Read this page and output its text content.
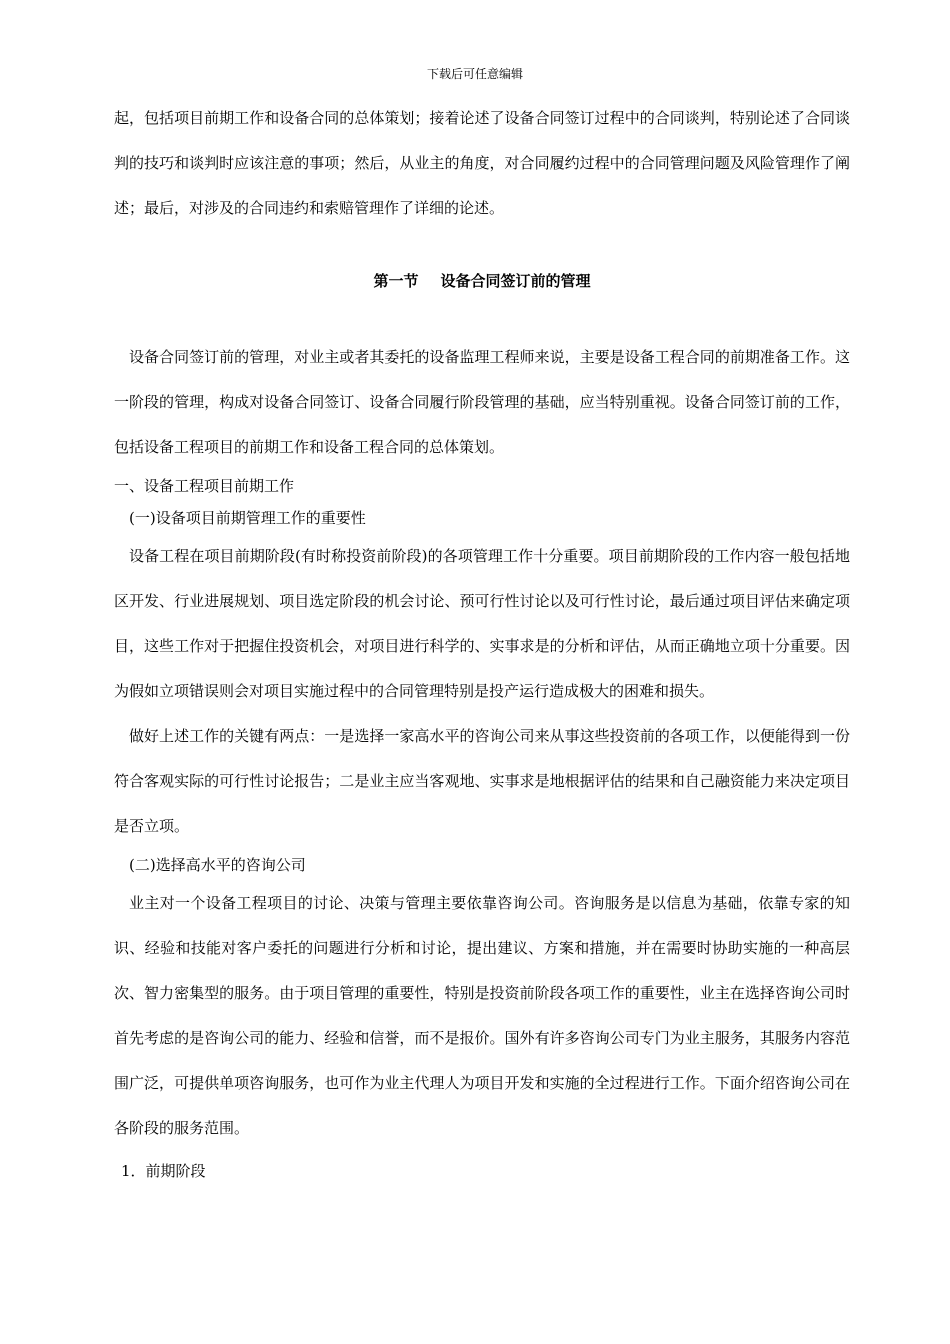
下载后可任意编辑

起，包括项目前期工作和设备合同的总体策划；接着论述了设备合同签订过程中的合同谈判，特别论述了合同谈判的技巧和谈判时应该注意的事项；然后，从业主的角度，对合同履约过程中的合同管理问题及风险管理作了阐述；最后，对涉及的合同违约和索赔管理作了详细的论述。

第一节 设备合同签订前的管理

设备合同签订前的管理，对业主或者其委托的设备监理工程师来说，主要是设备工程合同的前期准备工作。这一阶段的管理，构成对设备合同签订、设备合同履行阶段管理的基础，应当特别重视。设备合同签订前的工作，包括设备工程项目的前期工作和设备工程合同的总体策划。

一、设备工程项目前期工作

(一)设备项目前期管理工作的重要性

设备工程在项目前期阶段(有时称投资前阶段)的各项管理工作十分重要。项目前期阶段的工作内容一般包括地区开发、行业进展规划、项目选定阶段的机会讨论、预可行性讨论以及可行性讨论，最后通过项目评估来确定项目，这些工作对于把握住投资机会，对项目进行科学的、实事求是的分析和评估，从而正确地立项十分重要。因为假如立项错误则会对项目实施过程中的合同管理特别是投产运行造成极大的困难和损失。

做好上述工作的关键有两点：一是选择一家高水平的咨询公司来从事这些投资前的各项工作，以便能得到一份符合客观实际的可行性讨论报告；二是业主应当客观地、实事求是地根据评估的结果和自己融资能力来决定项目是否立项。

(二)选择高水平的咨询公司

业主对一个设备工程项目的讨论、决策与管理主要依靠咨询公司。咨询服务是以信息为基础，依靠专家的知识、经验和技能对客户委托的问题进行分析和讨论，提出建议、方案和措施，并在需要时协助实施的一种高层次、智力密集型的服务。由于项目管理的重要性，特别是投资前阶段各项工作的重要性，业主在选择咨询公司时首先考虑的是咨询公司的能力、经验和信誉，而不是报价。国外有许多咨询公司专门为业主服务，其服务内容范围广泛，可提供单项咨询服务，也可作为业主代理人为项目开发和实施的全过程进行工作。下面介绍咨询公司在各阶段的服务范围。

1．前期阶段
